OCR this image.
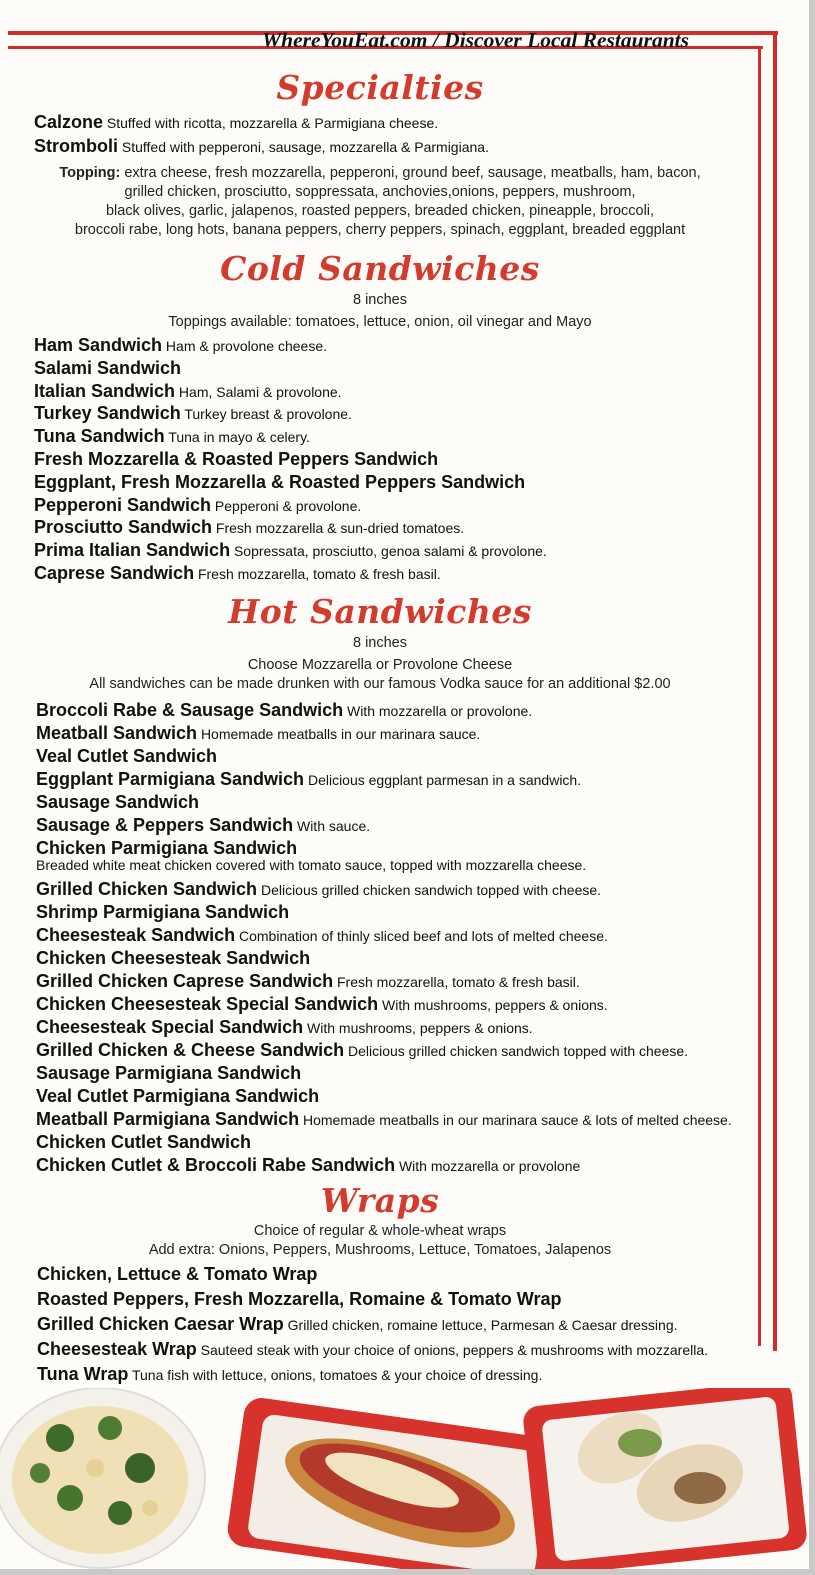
WhereYouEat.com / Discover Local Restaurants
Specialties
Calzone Stuffed with ricotta, mozzarella & Parmigiana cheese.
Stromboli Stuffed with pepperoni, sausage, mozzarella & Parmigiana.
Topping: extra cheese, fresh mozzarella, pepperoni, ground beef, sausage, meatballs, ham, bacon,
grilled chicken, prosciutto, soppressata, anchovies,onions, peppers, mushroom,
black olives, garlic, jalapenos, roasted peppers, breaded chicken, pineapple, broccoli,
broccoli rabe, long hots, banana peppers, cherry peppers, spinach, eggplant, breaded eggplant
Cold Sandwiches
8 inches
Toppings available: tomatoes, lettuce, onion, oil vinegar and Mayo
Ham Sandwich Ham & provolone cheese.
Salami Sandwich
Italian Sandwich Ham, Salami & provolone.
Turkey Sandwich Turkey breast & provolone.
Tuna Sandwich Tuna in mayo & celery.
Fresh Mozzarella & Roasted Peppers Sandwich
Eggplant, Fresh Mozzarella & Roasted Peppers Sandwich
Pepperoni Sandwich Pepperoni & provolone.
Prosciutto Sandwich Fresh mozzarella & sun-dried tomatoes.
Prima Italian Sandwich Sopressata, prosciutto, genoa salami & provolone.
Caprese Sandwich Fresh mozzarella, tomato & fresh basil.
Hot Sandwiches
8 inches
Choose Mozzarella or Provolone Cheese
All sandwiches can be made drunken with our famous Vodka sauce for an additional $2.00
Broccoli Rabe & Sausage Sandwich With mozzarella or provolone.
Meatball Sandwich Homemade meatballs in our marinara sauce.
Veal Cutlet Sandwich
Eggplant Parmigiana Sandwich Delicious eggplant parmesan in a sandwich.
Sausage Sandwich
Sausage & Peppers Sandwich With sauce.
Chicken Parmigiana Sandwich
Grilled Chicken Sandwich Delicious grilled chicken sandwich topped with cheese.
Shrimp Parmigiana Sandwich
Cheesesteak Sandwich Combination of thinly sliced beef and lots of melted cheese.
Chicken Cheesesteak Sandwich
Grilled Chicken Caprese Sandwich Fresh mozzarella, tomato & fresh basil.
Chicken Cheesesteak Special Sandwich With mushrooms, peppers & onions.
Cheesesteak Special Sandwich With mushrooms, peppers & onions.
Grilled Chicken & Cheese Sandwich Delicious grilled chicken sandwich topped with cheese.
Sausage Parmigiana Sandwich
Veal Cutlet Parmigiana Sandwich
Meatball Parmigiana Sandwich Homemade meatballs in our marinara sauce & lots of melted cheese.
Chicken Cutlet Sandwich
Chicken Cutlet & Broccoli Rabe Sandwich With mozzarella or provolone
Breaded white meat chicken covered with tomato sauce, topped with mozzarella cheese.
Wraps
Choice of regular & whole-wheat wraps
Add extra: Onions, Peppers, Mushrooms, Lettuce, Tomatoes, Jalapenos
Chicken, Lettuce & Tomato Wrap
Roasted Peppers, Fresh Mozzarella, Romaine & Tomato Wrap
Grilled Chicken Caesar Wrap Grilled chicken, romaine lettuce, Parmesan & Caesar dressing.
Cheesesteak Wrap Sauteed steak with your choice of onions, peppers & mushrooms with mozzarella.
Tuna Wrap Tuna fish with lettuce, onions, tomatoes & your choice of dressing.
